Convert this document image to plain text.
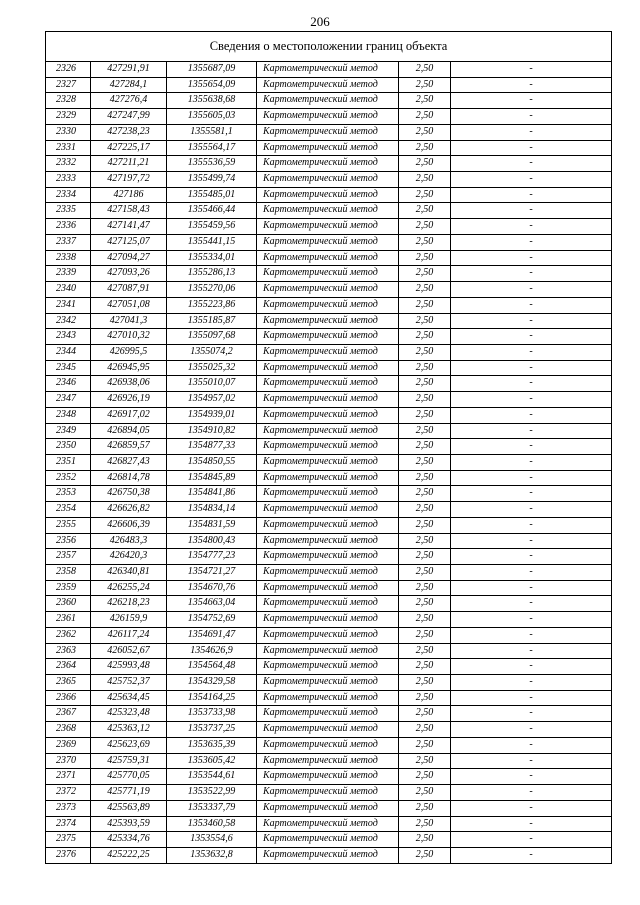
206
Сведения о местоположении границ объекта					
2326	427291,91	1355687,09	Картометрический метод	2,50	-
2327	427284,1	1355654,09	Картометрический метод	2,50	-
2328	427276,4	1355638,68	Картометрический метод	2,50	-
2329	427247,99	1355605,03	Картометрический метод	2,50	-
2330	427238,23	1355581,1	Картометрический метод	2,50	-
2331	427225,17	1355564,17	Картометрический метод	2,50	-
2332	427211,21	1355536,59	Картометрический метод	2,50	-
2333	427197,72	1355499,74	Картометрический метод	2,50	-
2334	427186	1355485,01	Картометрический метод	2,50	-
2335	427158,43	1355466,44	Картометрический метод	2,50	-
2336	427141,47	1355459,56	Картометрический метод	2,50	-
2337	427125,07	1355441,15	Картометрический метод	2,50	-
2338	427094,27	1355334,01	Картометрический метод	2,50	-
2339	427093,26	1355286,13	Картометрический метод	2,50	-
2340	427087,91	1355270,06	Картометрический метод	2,50	-
2341	427051,08	1355223,86	Картометрический метод	2,50	-
2342	427041,3	1355185,87	Картометрический метод	2,50	-
2343	427010,32	1355097,68	Картометрический метод	2,50	-
2344	426995,5	1355074,2	Картометрический метод	2,50	-
2345	426945,95	1355025,32	Картометрический метод	2,50	-
2346	426938,06	1355010,07	Картометрический метод	2,50	-
2347	426926,19	1354957,02	Картометрический метод	2,50	-
2348	426917,02	1354939,01	Картометрический метод	2,50	-
2349	426894,05	1354910,82	Картометрический метод	2,50	-
2350	426859,57	1354877,33	Картометрический метод	2,50	-
2351	426827,43	1354850,55	Картометрический метод	2,50	-
2352	426814,78	1354845,89	Картометрический метод	2,50	-
2353	426750,38	1354841,86	Картометрический метод	2,50	-
2354	426626,82	1354834,14	Картометрический метод	2,50	-
2355	426606,39	1354831,59	Картометрический метод	2,50	-
2356	426483,3	1354800,43	Картометрический метод	2,50	-
2357	426420,3	1354777,23	Картометрический метод	2,50	-
2358	426340,81	1354721,27	Картометрический метод	2,50	-
2359	426255,24	1354670,76	Картометрический метод	2,50	-
2360	426218,23	1354663,04	Картометрический метод	2,50	-
2361	426159,9	1354752,69	Картометрический метод	2,50	-
2362	426117,24	1354691,47	Картометрический метод	2,50	-
2363	426052,67	1354626,9	Картометрический метод	2,50	-
2364	425993,48	1354564,48	Картометрический метод	2,50	-
2365	425752,37	1354329,58	Картометрический метод	2,50	-
2366	425634,45	1354164,25	Картометрический метод	2,50	-
2367	425323,48	1353733,98	Картометрический метод	2,50	-
2368	425363,12	1353737,25	Картометрический метод	2,50	-
2369	425623,69	1353635,39	Картометрический метод	2,50	-
2370	425759,31	1353605,42	Картометрический метод	2,50	-
2371	425770,05	1353544,61	Картометрический метод	2,50	-
2372	425771,19	1353522,99	Картометрический метод	2,50	-
2373	425563,89	1353337,79	Картометрический метод	2,50	-
2374	425393,59	1353460,58	Картометрический метод	2,50	-
2375	425334,76	1353554,6	Картометрический метод	2,50	-
2376	425222,25	1353632,8	Картометрический метод	2,50	-
